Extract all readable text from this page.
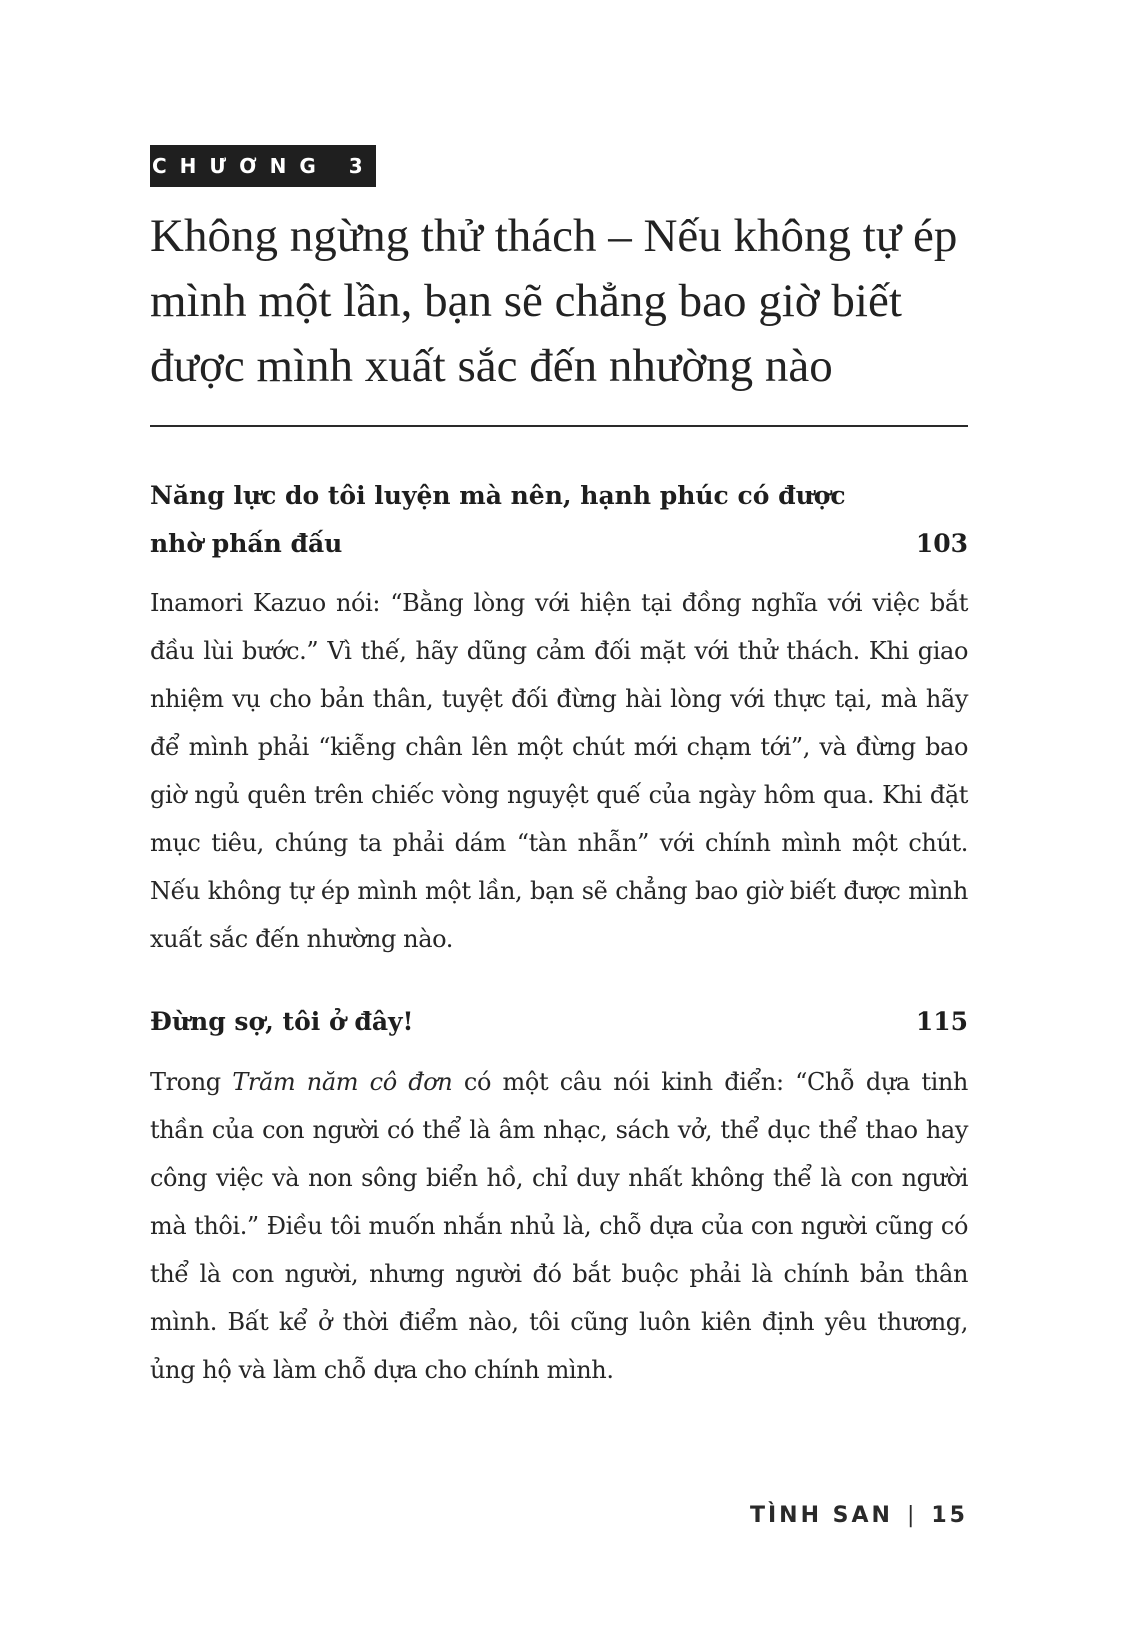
CHƯƠNG 3
Không ngừng thử thách – Nếu không tự ép mình một lần, bạn sẽ chẳng bao giờ biết được mình xuất sắc đến nhường nào
Năng lực do tôi luyện mà nên, hạnh phúc có được nhờ phấn đấu	103

Inamori Kazuo nói: “Bằng lòng với hiện tại đồng nghĩa với việc bắt đầu lùi bước.” Vì thế, hãy dũng cảm đối mặt với thử thách. Khi giao nhiệm vụ cho bản thân, tuyệt đối đừng hài lòng với thực tại, mà hãy để mình phải “kiễng chân lên một chút mới chạm tới”, và đừng bao giờ ngủ quên trên chiếc vòng nguyệt quế của ngày hôm qua. Khi đặt mục tiêu, chúng ta phải dám “tàn nhẫn” với chính mình một chút. Nếu không tự ép mình một lần, bạn sẽ chẳng bao giờ biết được mình xuất sắc đến nhường nào.

Đừng sợ, tôi ở đây!	115

Trong Trăm năm cô đơn có một câu nói kinh điển: “Chỗ dựa tinh thần của con người có thể là âm nhạc, sách vở, thể dục thể thao hay công việc và non sông biển hồ, chỉ duy nhất không thể là con người mà thôi.” Điều tôi muốn nhắn nhủ là, chỗ dựa của con người cũng có thể là con người, nhưng người đó bắt buộc phải là chính bản thân mình. Bất kể ở thời điểm nào, tôi cũng luôn kiên định yêu thương, ủng hộ và làm chỗ dựa cho chính mình.

TÌNH SAN | 15
